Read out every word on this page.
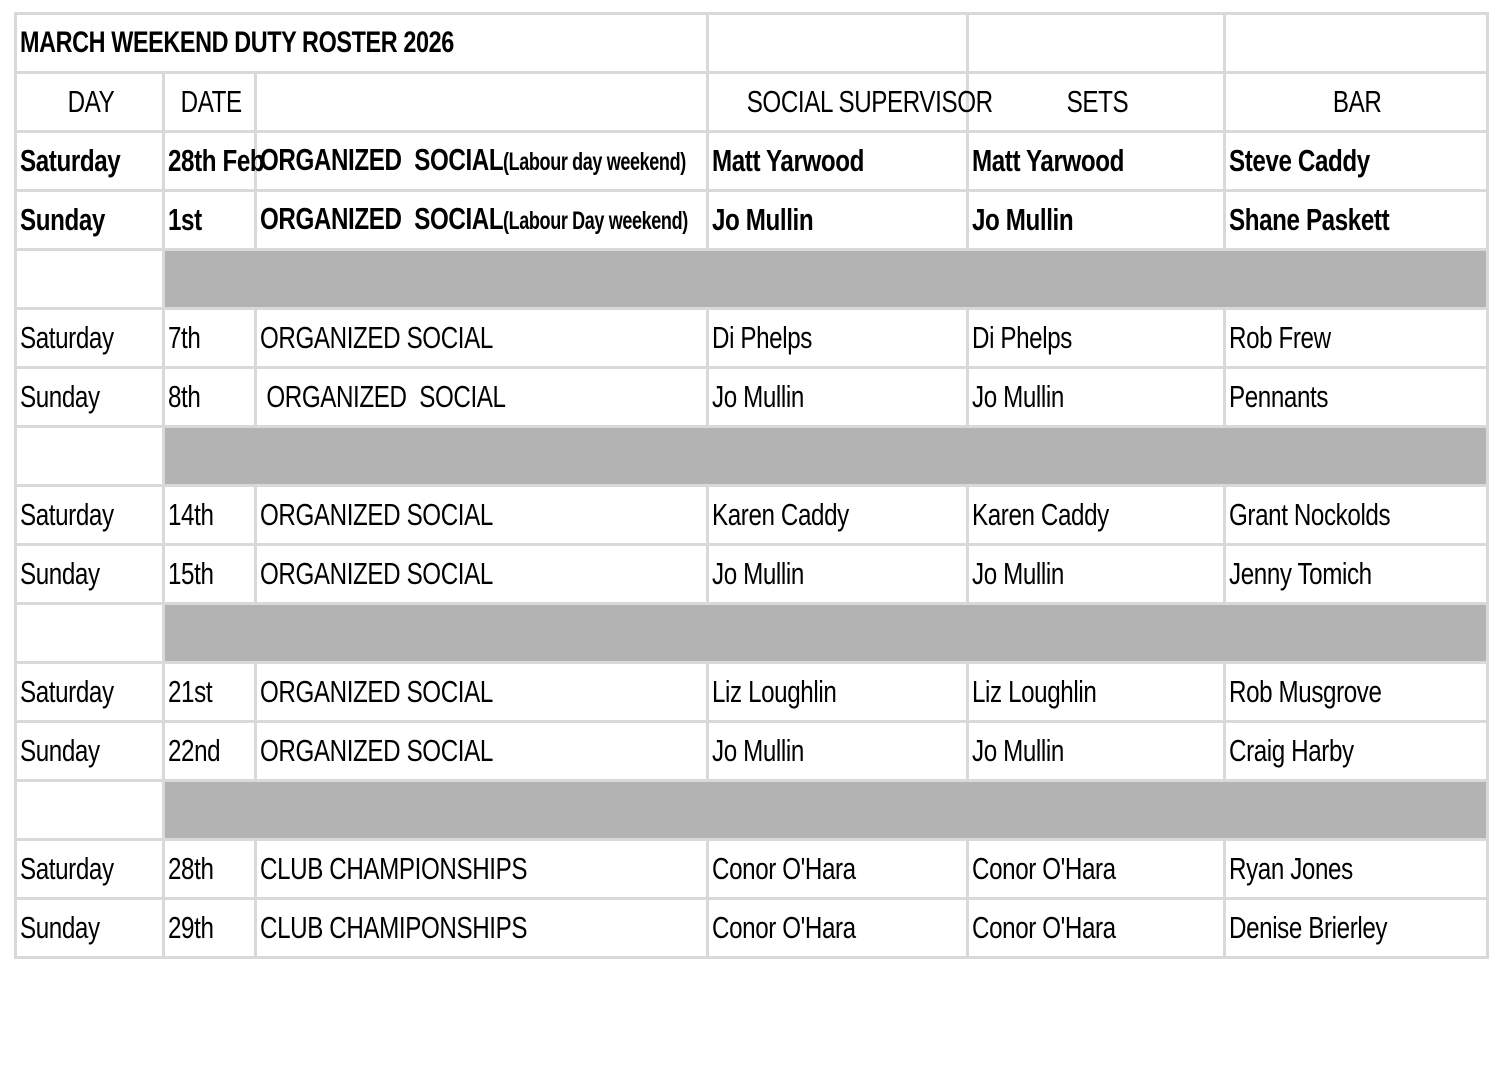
MARCH WEEKEND DUTY ROSTER 2026					
DAY	DATE		SOCIAL SUPERVISOR	SETS	BAR
Saturday	28th Feb	ORGANIZED  SOCIAL(Labour day weekend)	Matt Yarwood	Matt Yarwood	Steve Caddy
Sunday	1st	ORGANIZED  SOCIAL(Labour Day weekend)	Jo Mullin	Jo Mullin	Shane Paskett

Saturday	7th	ORGANIZED SOCIAL	Di Phelps	Di Phelps	Rob Frew
Sunday	8th	ORGANIZED  SOCIAL	Jo Mullin	Jo Mullin	Pennants

Saturday	14th	ORGANIZED SOCIAL	Karen Caddy	Karen Caddy	Grant Nockolds
Sunday	15th	ORGANIZED SOCIAL	Jo Mullin	Jo Mullin	Jenny Tomich

Saturday	21st	ORGANIZED SOCIAL	Liz Loughlin	Liz Loughlin	Rob Musgrove
Sunday	22nd	ORGANIZED SOCIAL	Jo Mullin	Jo Mullin	Craig Harby

Saturday	28th	CLUB CHAMPIONSHIPS	Conor O'Hara	Conor O'Hara	Ryan Jones
Sunday	29th	CLUB CHAMIPONSHIPS	Conor O'Hara	Conor O'Hara	Denise Brierley
